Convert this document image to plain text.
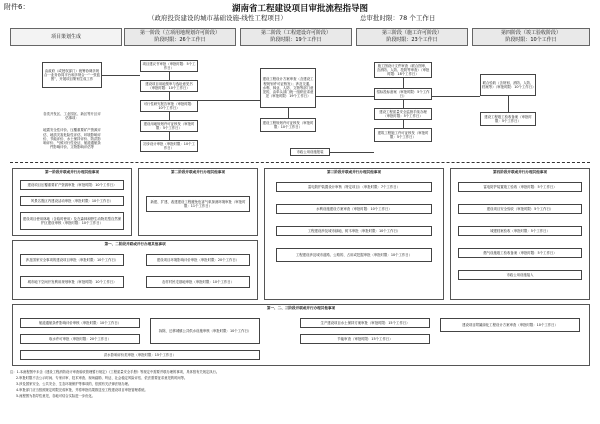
附件6：	湖南省工程建设项目审批流程指导图
（政府投资建设的城市基础设施-线性工程项目）	总审批时限：78 个工作日
项目策划生成
第一阶段（立项用地规划许可阶段）
阶段时限：26个工作日
第二阶段（工程建设许可阶段）
阶段时限：19个工作日
第三阶段（施工许可阶段）
阶段时限：23个工作日
第四阶段（竣工验收阶段）
阶段时限：10个工作日
由政府（或授权部门）统筹协调多规合一业务协同平台和多规合一“一张蓝图”，开展项目策划生成工作
各类开发区、工业园区、新区等片区评估事项：
地震安全性评价、压覆重要矿产资源评估、地质灾害危险性评估、环境影响评价、节能评价、水土保持评价、防洪影响评价、气候可行性论证、航道通航条件影响评价、文物影响评估等
项目建议书审批（审批时限：5个工作日）
建设项目用地预审与选址意见书（审批时限：10个工作日）
可行性研究报告审批（审批时限：10个工作日）
建设用地规划许可证核发（审批时限：5个工作日）
初步设计审批（审批时限：10个工作日）
建设工程设计方案审查（含建设工程规划许可证核发）；涉及交通、水利、林业、人防、文物等部门意见的，由牵头部门统一组织征求意见（审批时限：19个工作日）
建设工程规划许可证核发（审批时限：10个工作日）
市政公用设施报装
施工图设计文件审查（联合图审，含消防、人防、技防等审查）（审批时限：18个工作日）
招标投标备案（审批时限：5个工作日）
建设工程质量安全监督手续办理（审批时限：5个工作日）
建筑工程施工许可证核发（审批时限：5个工作日）
联合验收（含规划、消防、人防、档案等）（审批时限：10个工作日）
建设工程竣工验收备案（审批时限：5个工作日）
第一阶段并联或并行办理其他事项
建设项目压覆重要矿产资源审批（审批时限：10个工作日）
风景名胜区内建设活动审批（审批时限：10个工作日）
建设项目使用林地（含临时使用）及在森林和野生动物类型自然保护区建设审核（审批时限：10个工作日）
第二阶段并联或并行办理其他事项
新建、扩建、改建建设工程避免危害气象探测环境审批（审批时限：11个工作日）
第三阶段并联或并行办理其他事项
雷电防护装置设计审核（特定项目）（审批时限：7个工作日）
水利设施建设方案审查（审批时限：10个工作日）
工程建设涉及城市绿地、树木审批（审批时限：10个工作日）
工程建设涉及城市道路、公路的、占用或挖掘审批（审批时限：10个工作日）
第四阶段并联或并行办理其他事项
雷电防护装置竣工验收（审批时限：5个工作日）
建设项目安全验收（审批时限：5个工作日）
城建档案验收（审批时限：5个工作日）
燃气设施竣工验收备案（审批时限：5个工作日）
市政公用设施接入
第一、二阶段并联或并行办理其他事项
涉及国家安全事项的建设项目审批（审批时限：10个工作日）
城市地下空间开发利用规划审批（审批时限：10个工作日）
建设项目环境影响评价审批（审批时限：20个工作日）
农村村民宅基地审批（审批时限：10个工作日）
第一、二、三阶段并联或并行办理其他事项
航道通航条件影响评价审核（审批时限：10个工作日）
取水许可审批（审批时限：20个工作日）
洪水影响评价类审批（审批时限：15个工作日）
拆除、迁移城镇公共供水设施审核（审批时限：10个工作日）
生产建设项目水土保持方案审批（审批时限：15个工作日）
节能审查（审批时限：15个工作日）
建设项目附属绿化工程设计方案审查（审批时限：10个工作日）
注：1.本流程图中未含《建设工程消防设计审查验收管理暂行规定》《工程质量安全手册》等规定中需要并联办理的事项，具体按有关规定执行。
2.审批时限不含公示时间、专家评审、技术审查、现场踏勘、听证、社会稳定风险评估、依法需要征求意见的时间等。
3.涉及国家安全、公共安全、生态环境保护等事项的，依照有关法律法规办理。
4.审批部门应当按照规定时限完成审批，并将审批结果推送至工程建设项目审批管理系统。
5.流程图为指导性意见，各地可结合实际进一步优化。
